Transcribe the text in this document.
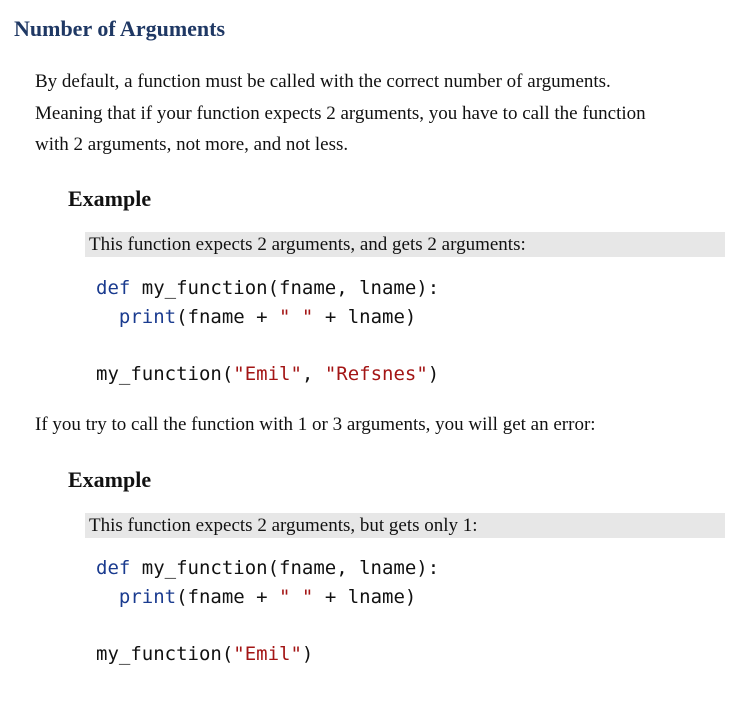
Number of Arguments
By default, a function must be called with the correct number of arguments.
Meaning that if your function expects 2 arguments, you have to call the function
with 2 arguments, not more, and not less.
Example
This function expects 2 arguments, and gets 2 arguments:
def my_function(fname, lname):
print(fname + " " + lname)

my_function("Emil", "Refsnes")
If you try to call the function with 1 or 3 arguments, you will get an error:
Example
This function expects 2 arguments, but gets only 1:
def my_function(fname, lname):
print(fname + " " + lname)

my_function("Emil")
